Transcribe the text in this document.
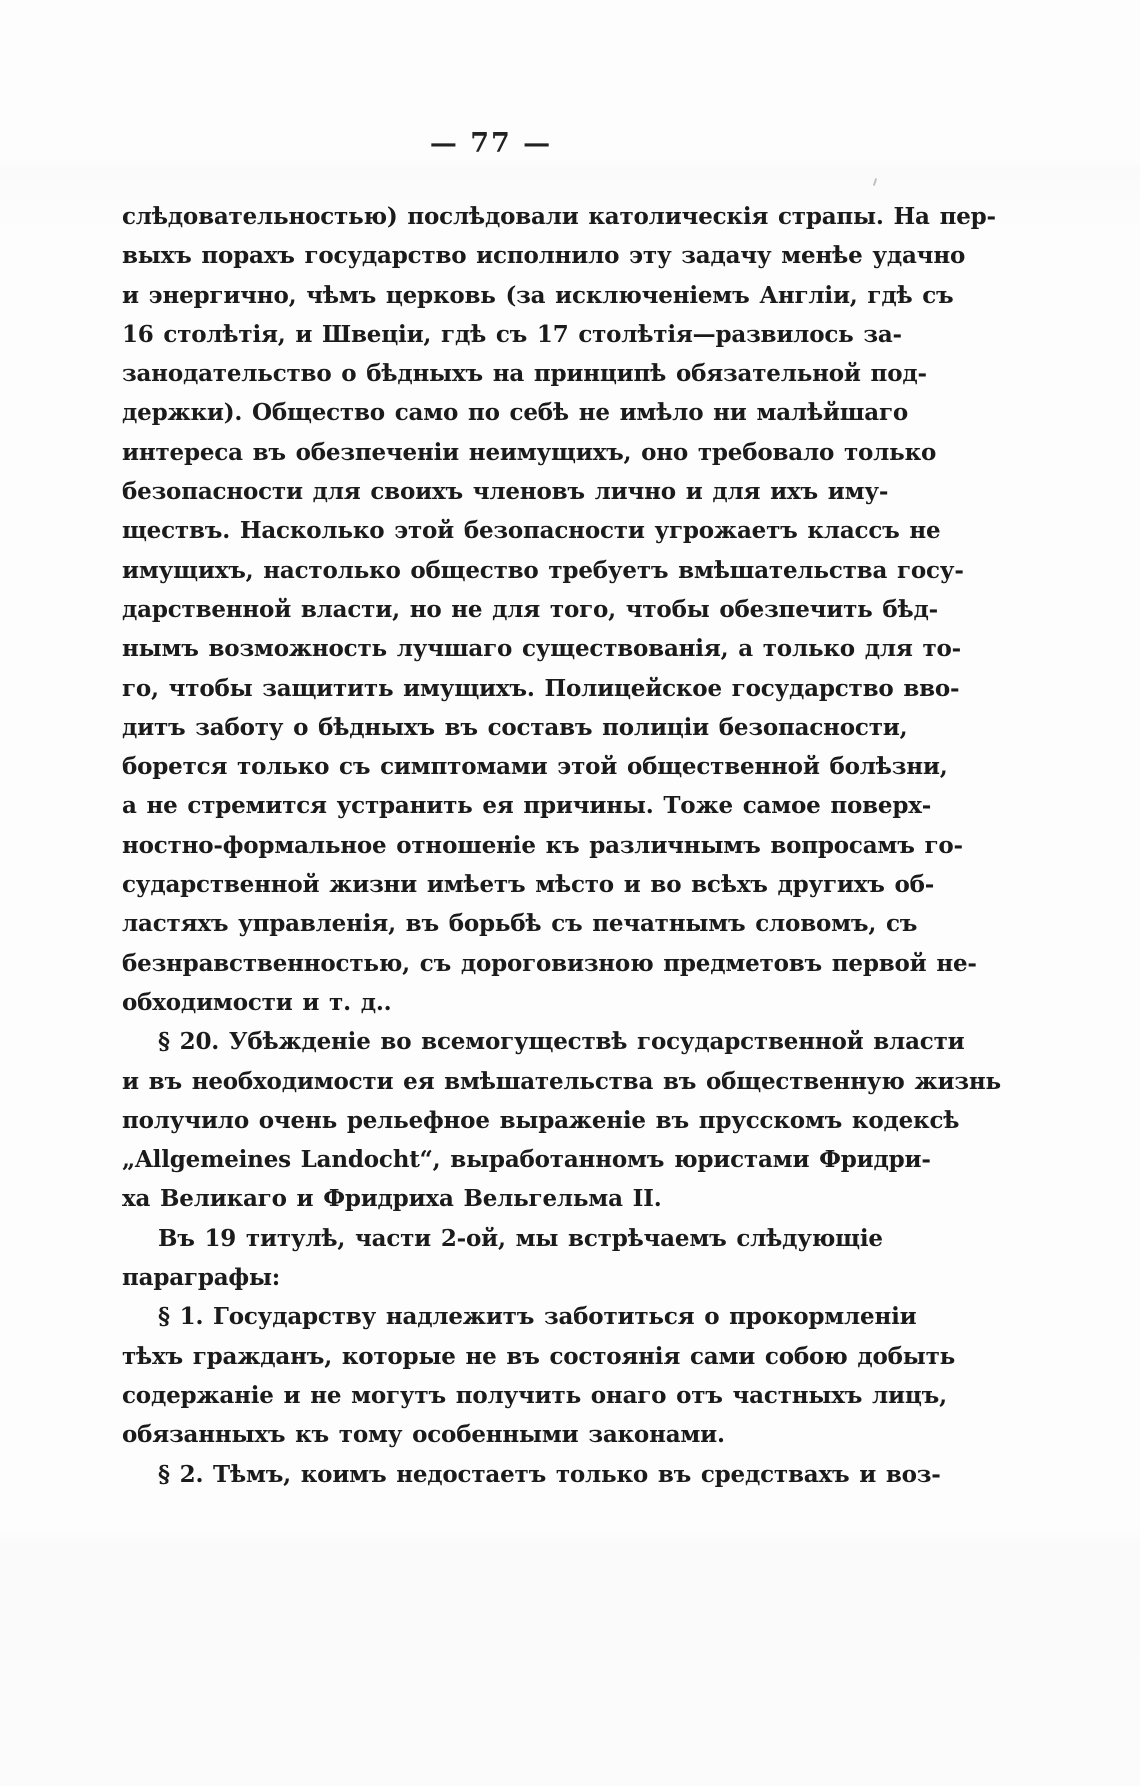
— 77 —
слѣдовательностью) послѣдовали католическія страпы. На пер-
выхъ порахъ государство исполнило эту задачу менѣе удачно
и энергично, чѣмъ церковь (за исключеніемъ Англіи, гдѣ съ
16 столѣтія, и Швеціи, гдѣ съ 17 столѣтія—развилось за-
занодательство о бѣдныхъ на принципѣ обязательной под-
держки). Общество само по себѣ не имѣло ни малѣйшаго
интереса въ обезпеченіи неимущихъ, оно требовало только
безопасности для своихъ членовъ лично и для ихъ иму-
ществъ. Насколько этой безопасности угрожаетъ классъ не
имущихъ, настолько общество требуетъ вмѣшательства госу-
дарственной власти, но не для того, чтобы обезпечить бѣд-
нымъ возможность лучшаго существованія, а только для то-
го, чтобы защитить имущихъ. Полицейское государство вво-
дитъ заботу о бѣдныхъ въ составъ полиціи безопасности,
борется только съ симптомами этой общественной болѣзни,
а не стремится устранить ея причины. Тоже самое поверх-
ностно-формальное отношеніе къ различнымъ вопросамъ го-
сударственной жизни имѣетъ мѣсто и во всѣхъ другихъ об-
ластяхъ управленія, въ борьбѣ съ печатнымъ словомъ, съ
безнравственностью, съ дороговизною предметовъ первой не-
обходимости и т. д..
§ 20. Убѣжденіе во всемогуществѣ государственной власти
и въ необходимости ея вмѣшательства въ общественную жизнь
получило очень рельефное выраженіе въ прусскомъ кодексѣ
„Allgemeines Landocht“, выработанномъ юристами Фридри-
ха Великаго и Фридриха Вельгельма II.
Въ 19 титулѣ, части 2-ой, мы встрѣчаемъ слѣдующіе
параграфы:
§ 1. Государству надлежитъ заботиться о прокормленіи
тѣхъ гражданъ, которые не въ состоянія сами собою добыть
содержаніе и не могутъ получить онаго отъ частныхъ лицъ,
обязанныхъ къ тому особенными законами.
§ 2. Тѣмъ, коимъ недостаетъ только въ средствахъ и воз-
